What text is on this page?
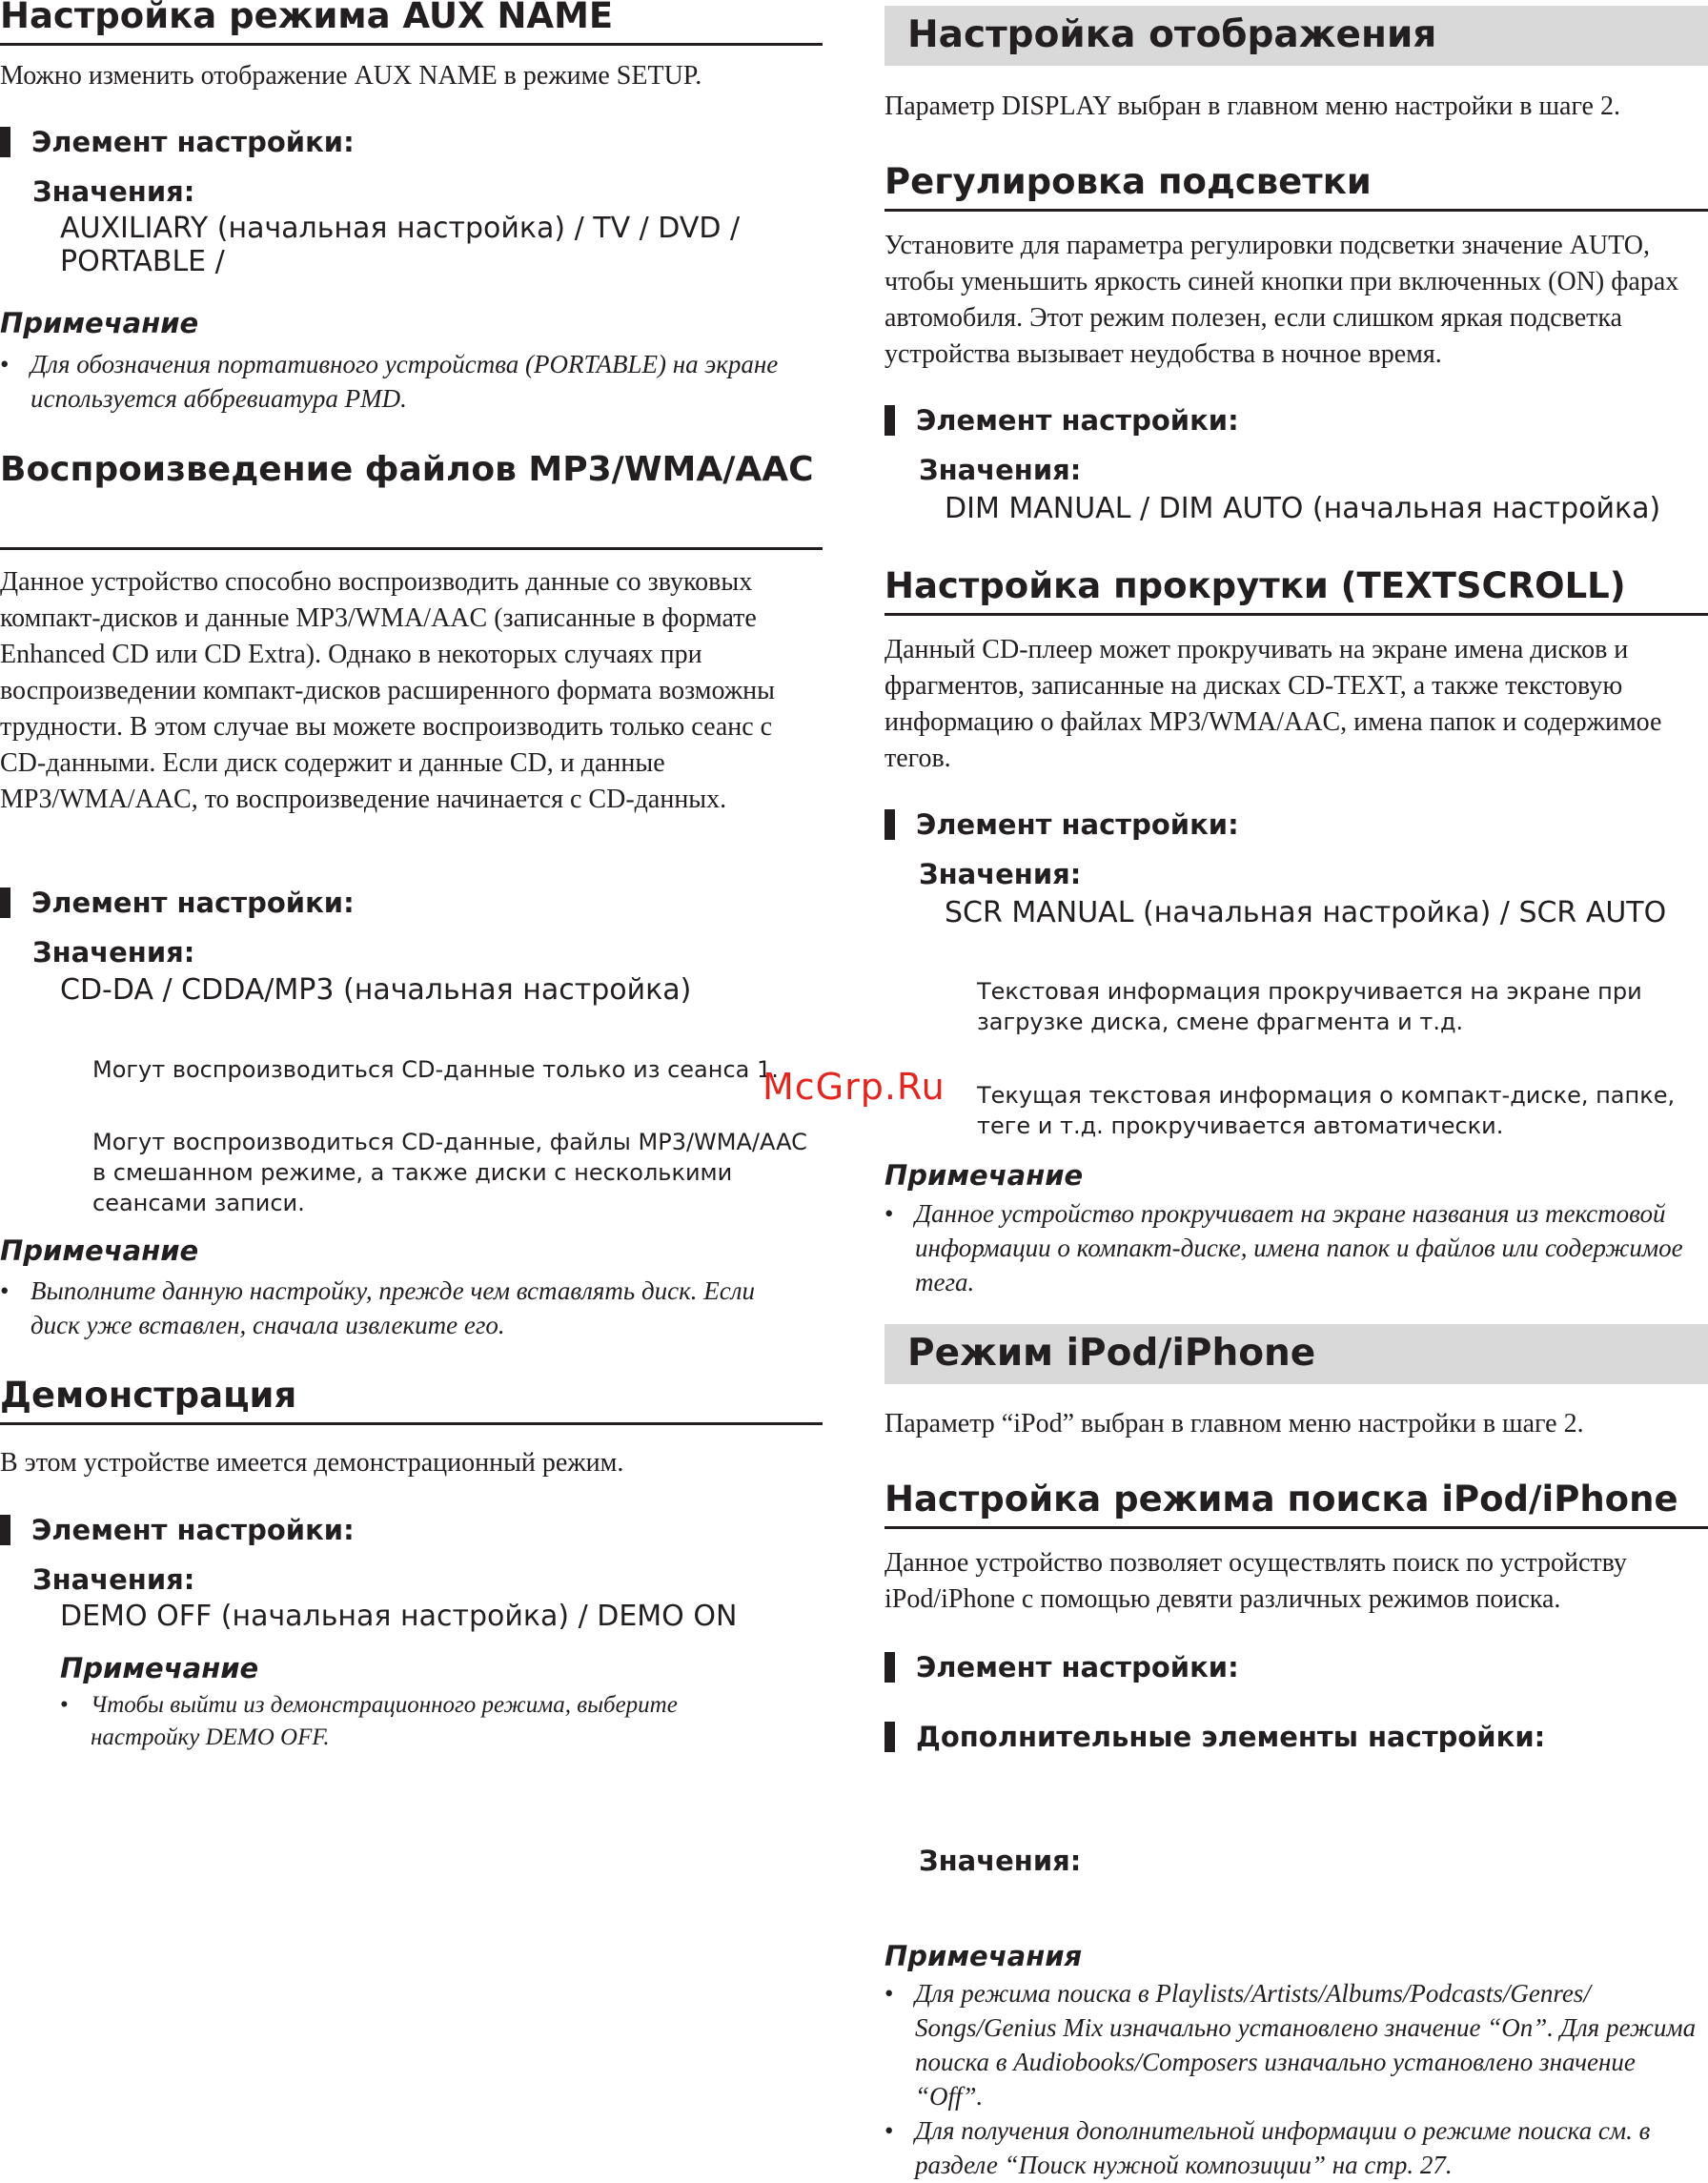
Настройка режима AUX NAME

Можно изменить отображение AUX NAME в режиме SETUP.

Элемент настройки:
Значения:
AUXILIARY (начальная настройка) / TV / DVD / PORTABLE /
Примечание
• Для обозначения портативного устройства (PORTABLE) на экране используется аббревиатура PMD.
Воспроизведение файлов MP3/WMA/AAC

Данное устройство способно воспроизводить данные со звуковых компакт-дисков и данные MP3/WMA/AAC (записанные в формате Enhanced CD или CD Extra). Однако в некоторых случаях при воспроизведении компакт-дисков расширенного формата возможны трудности. В этом случае вы можете воспроизводить только сеанс с CD-данными. Если диск содержит и данные CD, и данные MP3/WMA/AAC, то воспроизведение начинается с CD-данных.

Элемент настройки:
Значения:
CD-DA / CDDA/MP3 (начальная настройка)
Могут воспроизводиться CD-данные только из сеанса 1.
Могут воспроизводиться CD-данные, файлы MP3/WMA/AAC в смешанном режиме, а также диски с несколькими сеансами записи.
Примечание
• Выполните данную настройку, прежде чем вставлять диск. Если диск уже вставлен, сначала извлеките его.
Демонстрация

В этом устройстве имеется демонстрационный режим.

Элемент настройки:
Значения:
DEMO OFF (начальная настройка) / DEMO ON
Примечание
• Чтобы выйти из демонстрационного режима, выберите настройку DEMO OFF.
Настройка отображения

Параметр DISPLAY выбран в главном меню настройки в шаге 2.

Регулировка подсветки

Установите для параметра регулировки подсветки значение AUTO, чтобы уменьшить яркость синей кнопки при включенных (ON) фарах автомобиля. Этот режим полезен, если слишком яркая подсветка устройства вызывает неудобства в ночное время.

Элемент настройки:
Значения:
DIM MANUAL / DIM AUTO (начальная настройка)
Настройка прокрутки (TEXTSCROLL)

Данный CD-плеер может прокручивать на экране имена дисков и фрагментов, записанные на дисках CD-TEXT, а также текстовую информацию о файлах MP3/WMA/AAC, имена папок и содержимое тегов.

Элемент настройки:
Значения:
SCR MANUAL (начальная настройка) / SCR AUTO
Текстовая информация прокручивается на экране при загрузке диска, смене фрагмента и т.д.
Текущая текстовая информация о компакт-диске, папке, теге и т.д. прокручивается автоматически.
Примечание
• Данное устройство прокручивает на экране названия из текстовой информации о компакт-диске, имена папок и файлов или содержимое тега.
Режим iPod/iPhone

Параметр “iPod” выбран в главном меню настройки в шаге 2.

Настройка режима поиска iPod/iPhone

Данное устройство позволяет осуществлять поиск по устройству iPod/iPhone с помощью девяти различных режимов поиска.

Элемент настройки:
Дополнительные элементы настройки:
Значения:
Примечания
• Для режима поиска в Playlists/Artists/Albums/Podcasts/Genres/ Songs/Genius Mix изначально установлено значение “On”. Для режима поиска в Audiobooks/Composers изначально установлено значение “Off”.
• Для получения дополнительной информации о режиме поиска см. в разделе “Поиск нужной композиции” на стр. 27.
McGrp.Ru
